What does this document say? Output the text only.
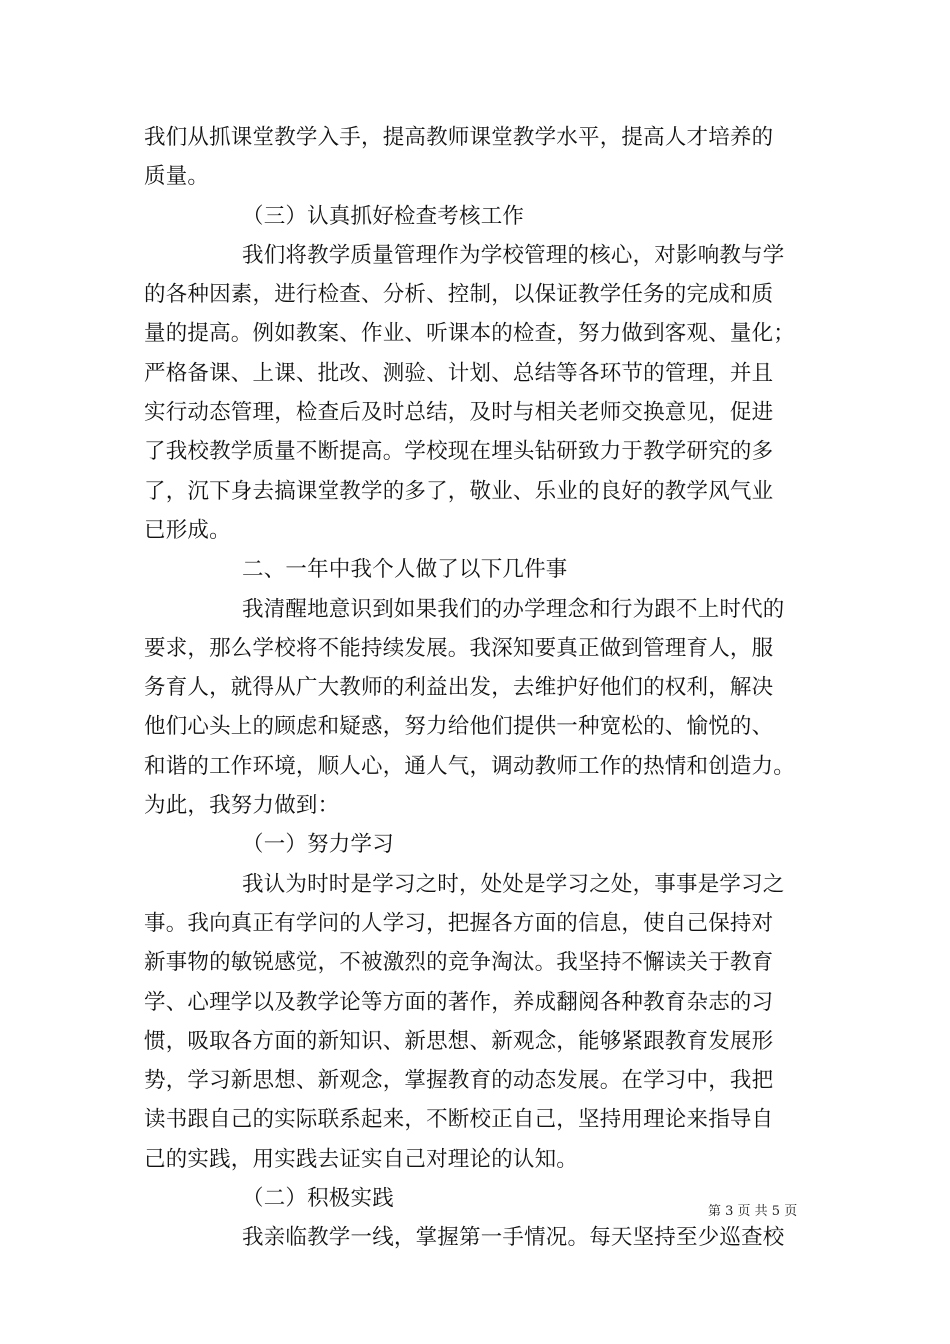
我们从抓课堂教学入手，提高教师课堂教学水平，提高人才培养的
质量。
（三）认真抓好检查考核工作
我们将教学质量管理作为学校管理的核心，对影响教与学
的各种因素，进行检查、分析、控制，以保证教学任务的完成和质
量的提高。例如教案、作业、听课本的检查，努力做到客观、量化；
严格备课、上课、批改、测验、计划、总结等各环节的管理，并且
实行动态管理，检查后及时总结，及时与相关老师交换意见，促进
了我校教学质量不断提高。学校现在埋头钻研致力于教学研究的多
了，沉下身去搞课堂教学的多了，敬业、乐业的良好的教学风气业
已形成。
二、一年中我个人做了以下几件事
我清醒地意识到如果我们的办学理念和行为跟不上时代的
要求，那么学校将不能持续发展。我深知要真正做到管理育人，服
务育人，就得从广大教师的利益出发，去维护好他们的权利，解决
他们心头上的顾虑和疑惑，努力给他们提供一种宽松的、愉悦的、
和谐的工作环境，顺人心，通人气，调动教师工作的热情和创造力。
为此，我努力做到：
（一）努力学习
我认为时时是学习之时，处处是学习之处，事事是学习之
事。我向真正有学问的人学习，把握各方面的信息，使自己保持对
新事物的敏锐感觉，不被激烈的竞争淘汰。我坚持不懈读关于教育
学、心理学以及教学论等方面的著作，养成翻阅各种教育杂志的习
惯，吸取各方面的新知识、新思想、新观念，能够紧跟教育发展形
势，学习新思想、新观念，掌握教育的动态发展。在学习中，我把
读书跟自己的实际联系起来，不断校正自己，坚持用理论来指导自
己的实践，用实践去证实自己对理论的认知。
（二）积极实践
我亲临教学一线，掌握第一手情况。每天坚持至少巡查校
第 3 页 共 5 页
